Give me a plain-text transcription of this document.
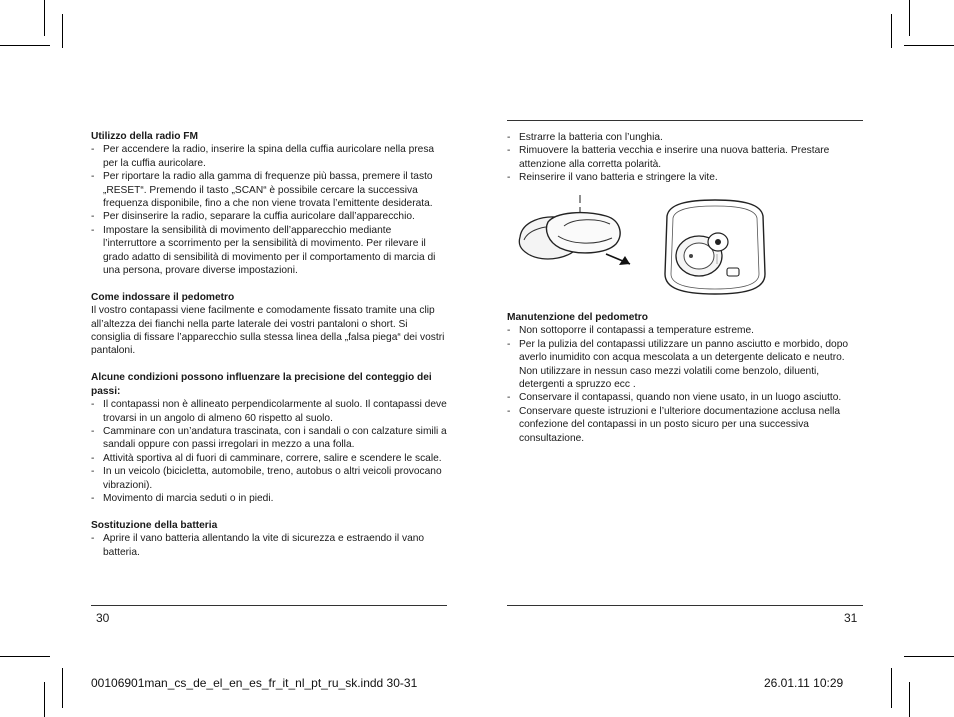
Utilizzo della radio FM
- Per accendere la radio, inserire la spina della cuffia auricolare nella presa per la cuffia auricolare.
- Per riportare la radio alla gamma di frequenze più bassa, premere il tasto „RESET“. Premendo il tasto „SCAN“ è possibile cercare la successiva frequenza disponibile, fino a che non viene trovata l’emittente desiderata.
- Per disinserire la radio, separare la cuffia auricolare dall’apparecchio.
- Impostare la sensibilità di movimento dell’apparecchio mediante l’interruttore a scorrimento per la sensibilità di movimento. Per rilevare il grado adatto di sensibilità di movimento per il comportamento di marcia di una persona, provare diverse impostazioni.
Come indossare il pedometro

Il vostro contapassi viene facilmente e comodamente fissato tramite una clip all’altezza dei fianchi nella parte laterale dei vostri pantaloni o short. Si consiglia di fissare l’apparecchio sulla stessa linea della „falsa piega“ dei vostri pantaloni.

Alcune condizioni possono influenzare la precisione del conteggio dei passi:
- Il contapassi non è allineato perpendicolarmente al suolo. Il contapassi deve trovarsi in un angolo di almeno 60 rispetto al suolo.
- Camminare con un’andatura trascinata, con i sandali o con calzature simili a sandali oppure con passi irregolari in mezzo a una folla.
- Attività sportiva al di fuori di camminare, correre, salire e scendere le scale.
- In un veicolo (bicicletta, automobile, treno, autobus o altri veicoli provocano vibrazioni).
- Movimento di marcia seduti o in piedi.
Sostituzione della batteria
- Aprire il vano batteria allentando la vite di sicurezza e estraendo il vano batteria.
30
- Estrarre la batteria con l’unghia.
- Rimuovere la batteria vecchia e inserire una nuova batteria. Prestare attenzione alla corretta polarità.
- Reinserire il vano batteria e stringere la vite.
Manutenzione del pedometro
- Non sottoporre il contapassi a temperature estreme.
- Per la pulizia del contapassi utilizzare un panno asciutto e morbido, dopo averlo inumidito con acqua mescolata a un detergente delicato e neutro. Non utilizzare in nessun caso mezzi volatili come benzolo, diluenti, detergenti a spruzzo ecc .
- Conservare il contapassi, quando non viene usato, in un luogo asciutto.
- Conservare queste istruzioni e l’ulteriore documentazione acclusa nella confezione del contapassi in un posto sicuro per una successiva consultazione.
31
00106901man_cs_de_el_en_es_fr_it_nl_pt_ru_sk.indd 30-31	26.01.11 10:29
